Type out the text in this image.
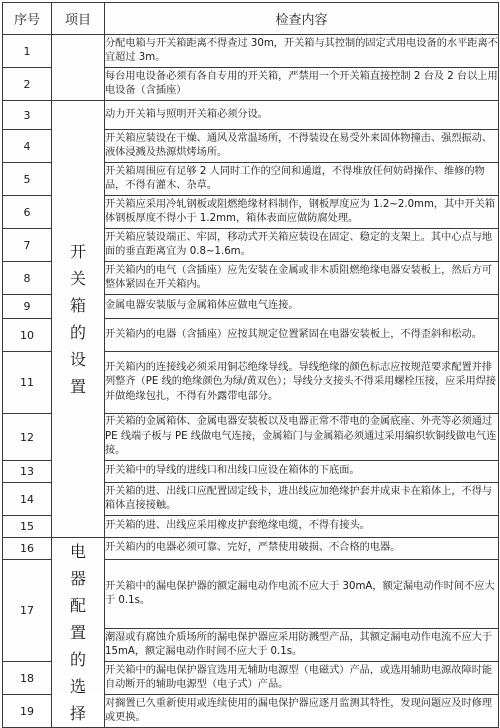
序号	项目	检查内容
1		分配电箱与开关箱距离不得查过 30m，开关箱与其控制的固定式用电设备的水平距离不宜超过 3m。
2		每台用电设备必须有各自专用的开关箱，严禁用一个开关箱直接控制 2 台及 2 台以上用电设备（含插座）
3	开关箱的设置	动力开关箱与照明开关箱必须分设。
4		开关箱应装设在干燥、通风及常温场所，不得装设在易受外来固体物撞击、强烈振动、液体浸溅及热源烘烤场所。
5		开关箱周围应有足够 2 人同时工作的空间和通道，不得堆放任何妨碍操作、维修的物品，不得有灌木、杂草。
6		开关箱应采用冷轧钢板或阻燃绝缘材料制作，钢板厚度应为 1.2~2.0mm，其中开关箱体钢板厚度不得小于 1.2mm，箱体表面应做防腐处理。
7		开关箱应装设端正、牢固，移动式开关箱应装设在固定、稳定的支架上。其中心点与地面的垂直距离宜为 0.8~1.6m。
8		开关箱内的电气（含插座）应先安装在金属或非木质阻燃绝缘电器安装板上，然后方可整体紧固在开关箱内。
9		金属电器安装版与金属箱体应做电气连接。
10		开关箱内的电器（含插座）应按其规定位置紧固在电器安装板上，不得歪斜和松动。
11		开关箱内的连接线必须采用铜芯绝缘导线。导线绝缘的颜色标志应按规范要求配置并排列整齐（PE 线的绝缘颜色为绿/黄双色）；导线分支接头不得采用螺栓压接，应采用焊接并做绝缘包扎，不得有外露带电部分。
12		开关箱的金属箱体、金属电器安装板以及电器正常不带电的金属底座、外壳等必须通过 PE 线端子板与 PE 线做电气连接，金属箱门与金属箱必须通过采用编织软铜线做电气连接。
13		开关箱中的导线的进线口和出线口应设在箱体的下底面。
14		开关箱的进、出线口应配置固定线卡，进出线应加绝缘护套并成束卡在箱体上，不得与箱体直接接触。
15		开关箱的进、出线应采用橡皮护套绝缘电缆，不得有接头。
16	电器配置的选择	开关箱内的电器必须可靠、完好，严禁使用破损、不合格的电器。
17		开关箱中的漏电保护器的额定漏电动作电流不应大于 30mA，额定漏电动作时间不应大于 0.1s。
		潮湿或有腐蚀介质场所的漏电保护器应采用防溅型产品，其额定漏电动作电流不应大于 15mA，额定漏电动作时间不应大于 0.1s。
18		开关箱中的漏电保护器宜选用无辅助电源型（电磁式）产品，或选用辅助电源故障时能自动断开的辅助电源型（电子式）产品。
19		对搁置已久重新使用或连续使用的漏电保护器应逐月监测其特性，发现问题应及时修理或更换。
